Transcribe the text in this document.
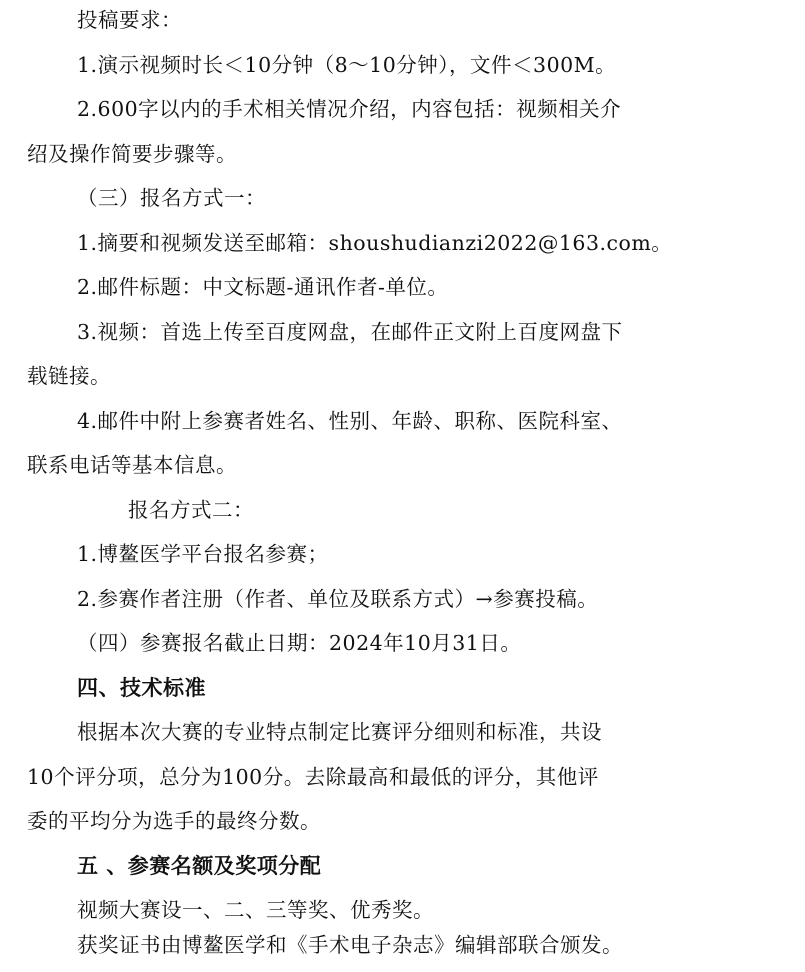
投稿要求：
1.演示视频时长＜10分钟（8～10分钟），文件＜300M。
2.600字以内的手术相关情况介绍，内容包括：视频相关介
绍及操作简要步骤等。
（三）报名方式一：
1.摘要和视频发送至邮箱：shoushudianzi2022@163.com。
2.邮件标题：中文标题-通讯作者-单位。
3.视频：首选上传至百度网盘，在邮件正文附上百度网盘下
载链接。
4.邮件中附上参赛者姓名、性别、年龄、职称、医院科室、
联系电话等基本信息。
报名方式二：
1.博鳌医学平台报名参赛；
2.参赛作者注册（作者、单位及联系方式）→参赛投稿。
（四）参赛报名截止日期：2024年10月31日。
四、技术标准
根据本次大赛的专业特点制定比赛评分细则和标准，共设
10个评分项，总分为100分。去除最高和最低的评分，其他评
委的平均分为选手的最终分数。
五 、参赛名额及奖项分配
视频大赛设一、二、三等奖、优秀奖。
获奖证书由博鳌医学和《手术电子杂志》编辑部联合颁发。
